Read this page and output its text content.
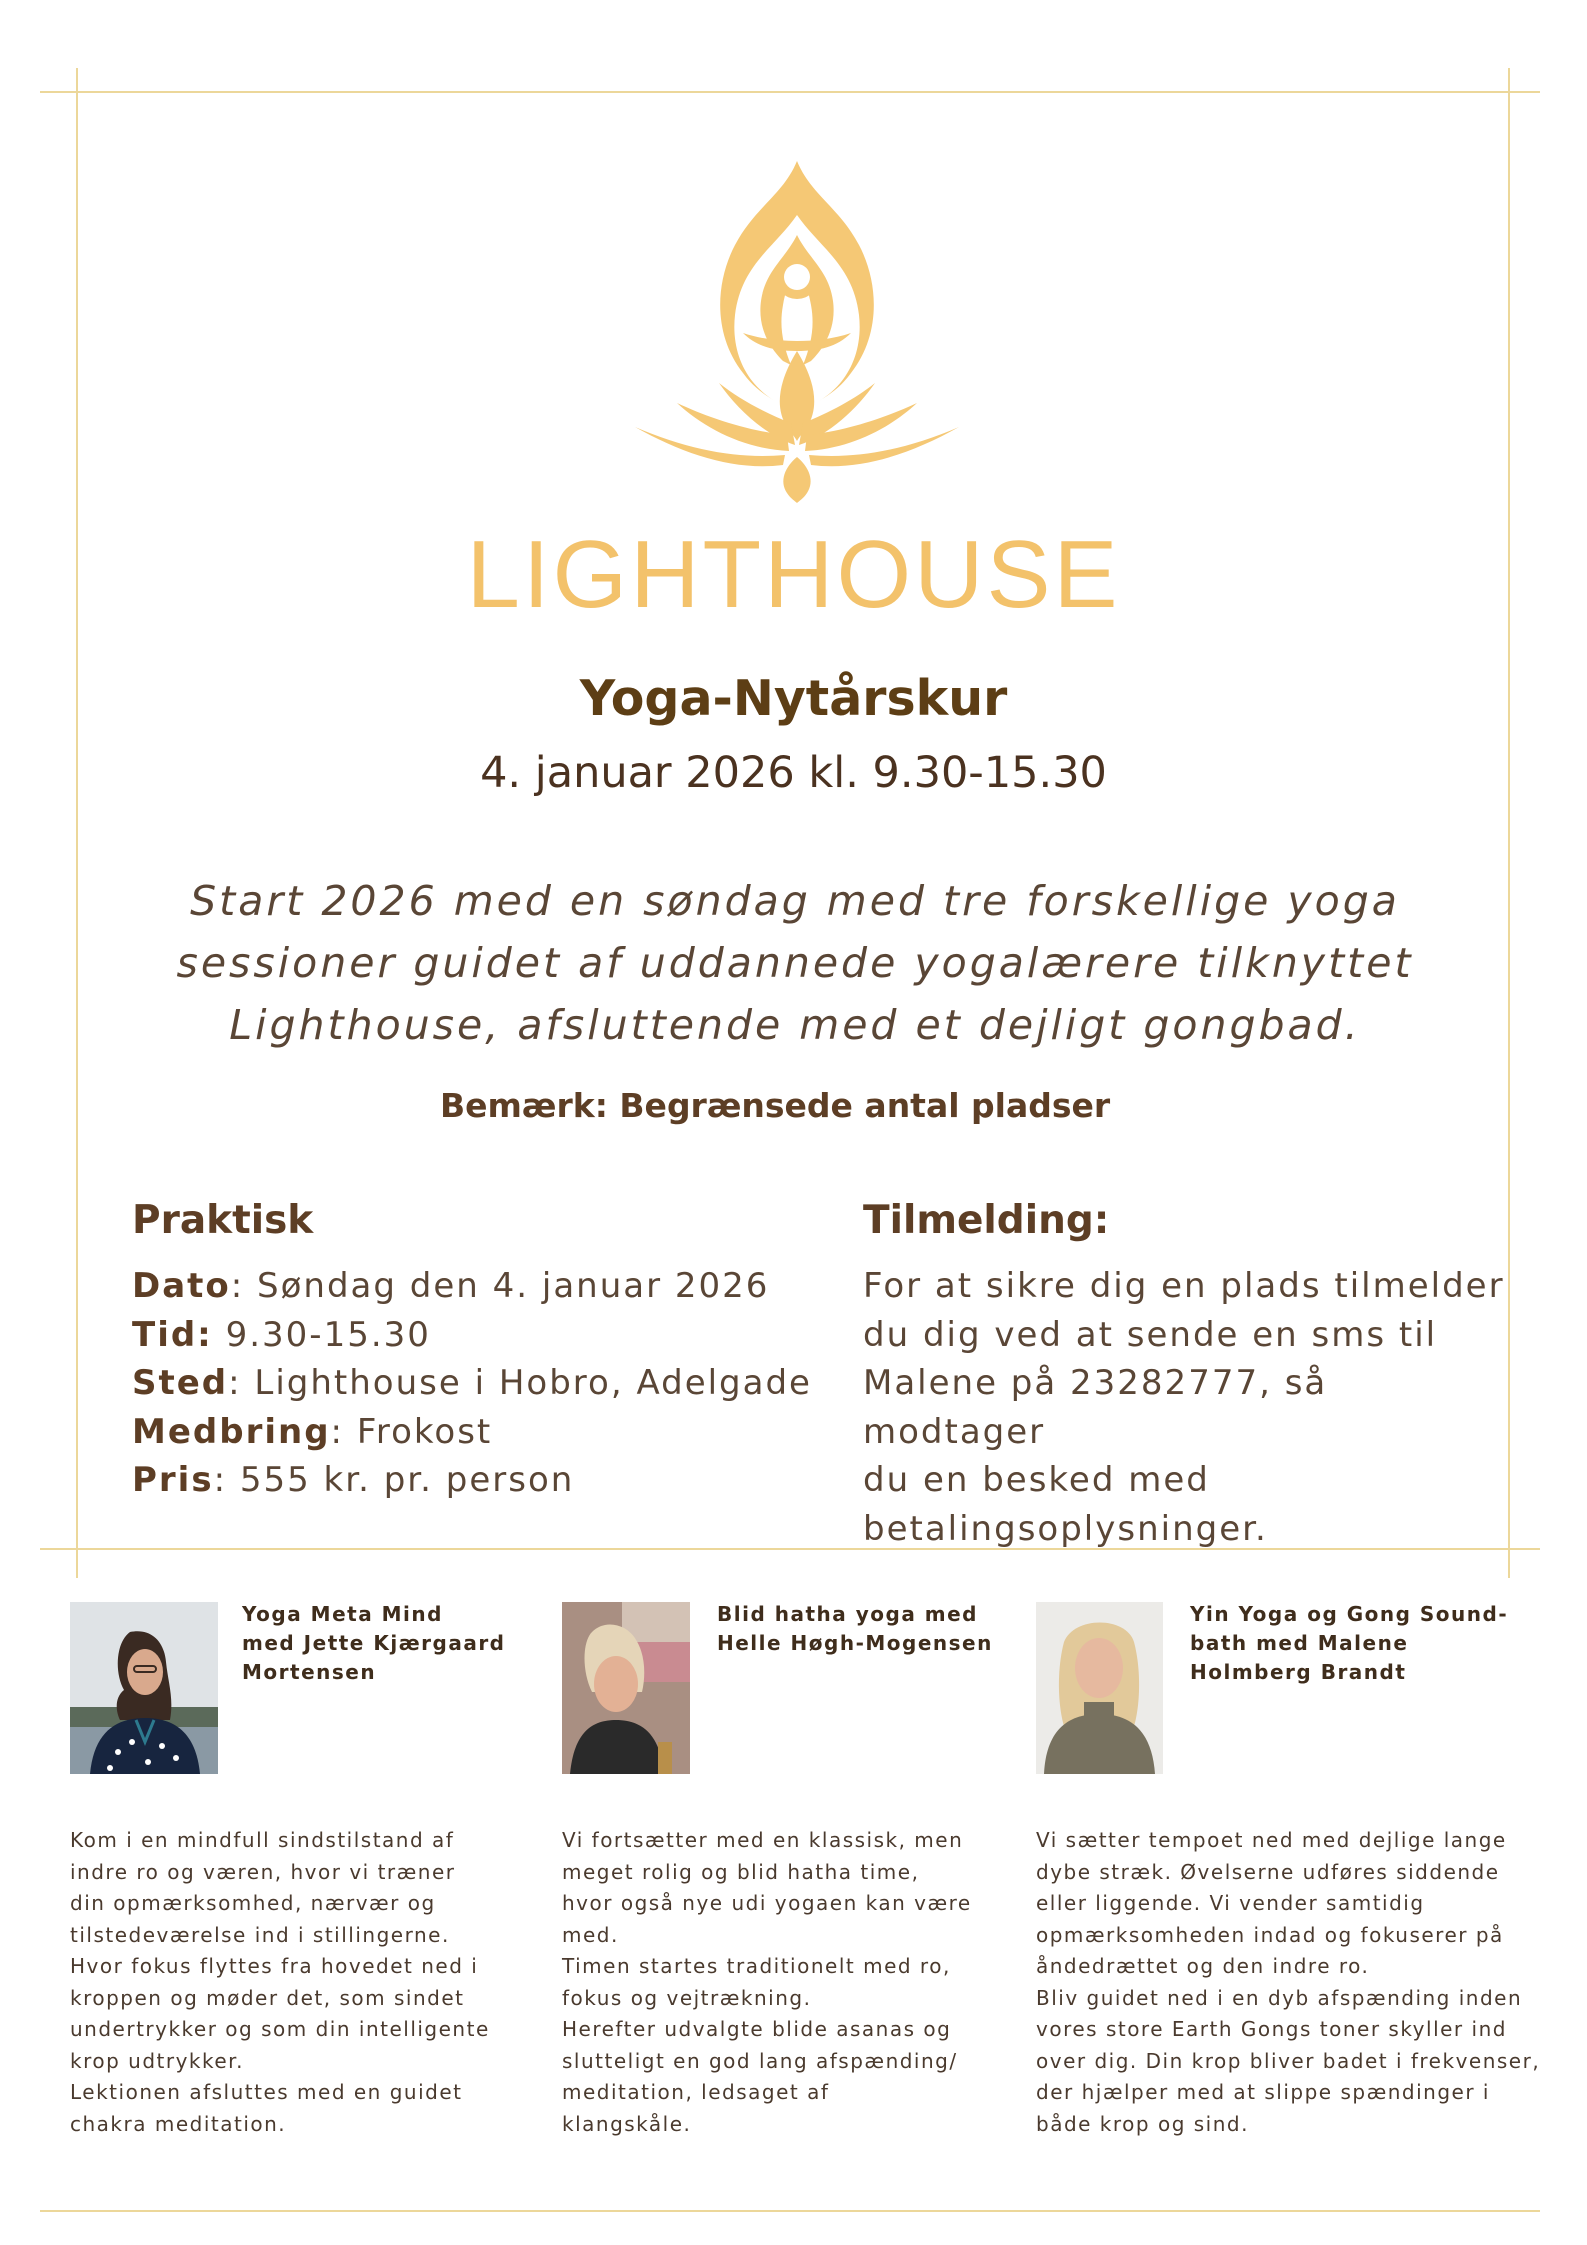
LIGHTHOUSE
Yoga-Nytårskur
4. januar 2026 kl. 9.30-15.30
Start 2026 med en søndag med tre forskellige yoga
sessioner guidet af uddannede yogalærere tilknyttet
Lighthouse, afsluttende med et dejligt gongbad.
Bemærk: Begrænsede antal pladser
Praktisk
Dato: Søndag den 4. januar 2026
Tid: 9.30-15.30
Sted: Lighthouse i Hobro, Adelgade
Medbring: Frokost
Pris: 555 kr. pr. person
Tilmelding:
For at sikre dig en plads tilmelder
du dig ved at sende en sms til
Malene på 23282777, så modtager
du en besked med
betalingsoplysninger.
Yoga Meta Mind
med Jette Kjærgaard
Mortensen

Kom i en mindfull sindstilstand af

indre ro og væren, hvor vi træner

din opmærksomhed, nærvær og

tilstedeværelse ind i stillingerne.

Hvor fokus flyttes fra hovedet ned i

kroppen og møder det, som sindet

undertrykker og som din intelligente

krop udtrykker.

Lektionen afsluttes med en guidet

chakra meditation.

Blid hatha yoga med
Helle Høgh-Mogensen

Vi fortsætter med en klassisk, men

meget rolig og blid hatha time,

hvor også nye udi yogaen kan være

med.

Timen startes traditionelt med ro,

fokus og vejtrækning.

Herefter udvalgte blide asanas og

slutteligt en god lang afspænding/

meditation, ledsaget af

klangskåle.

Yin Yoga og Gong Sound-
bath med Malene
Holmberg Brandt

Vi sætter tempoet ned med dejlige lange

dybe stræk. Øvelserne udføres siddende

eller liggende. Vi vender samtidig

opmærksomheden indad og fokuserer på

åndedrættet og den indre ro.

Bliv guidet ned i en dyb afspænding inden

vores store Earth Gongs toner skyller ind

over dig. Din krop bliver badet i frekvenser,

der hjælper med at slippe spændinger i

både krop og sind.
